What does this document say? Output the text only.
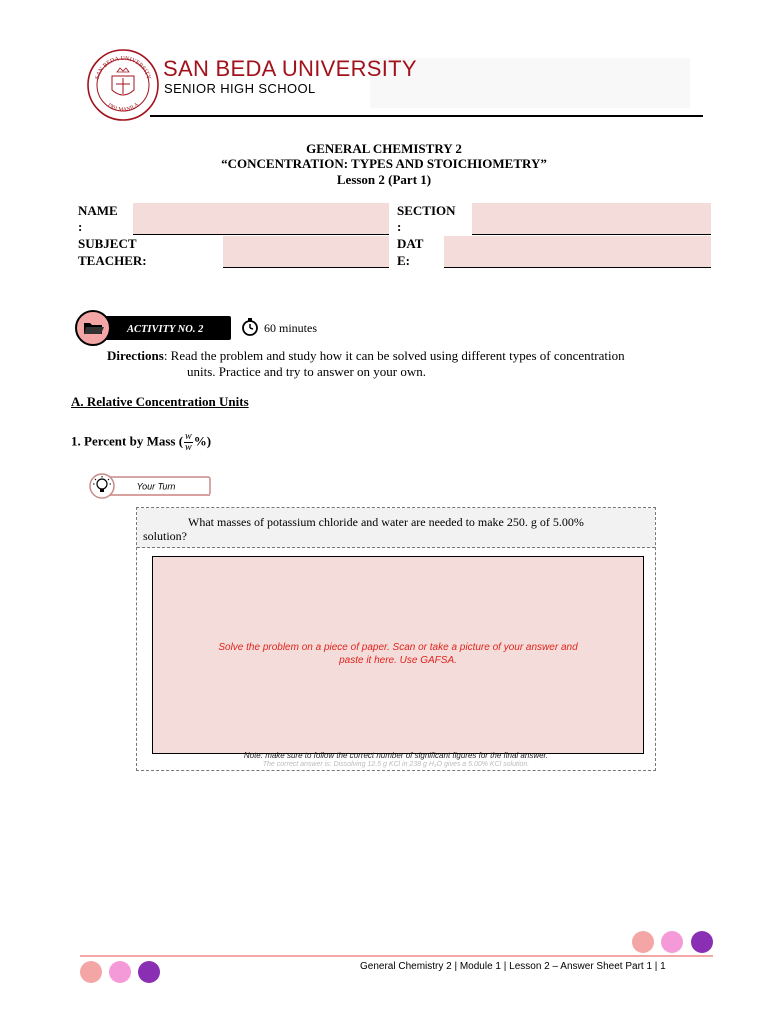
SAN BEDA UNIVERSITY
1901 MANILA
SAN BEDA UNIVERSITY
SENIOR HIGH SCHOOL
GENERAL CHEMISTRY 2
“CONCENTRATION: TYPES AND STOICHIOMETRY”
Lesson 2 (Part 1)
NAME
:
SECTION
:
SUBJECT
TEACHER:
DAT
E:
ACTIVITY NO. 2	60 minutes
Directions: Read the problem and study how it can be solved using different types of concentration
units. Practice and try to answer on your own.
A. Relative Concentration Units
1. Percent by Mass ( $\frac{w}{w}\%$)
Your Turn
What masses of potassium chloride and water are needed to make 250. g of 5.00%
solution?
Solve the problem on a piece of paper. Scan or take a picture of your answer and paste it here. Use GAFSA.
Note: make sure to follow the correct number of significant figures for the final answer.
The correct answer is: Dissolving 12.5 g KCl in 238 g H₂O gives a 5.00% KCl solution.
General Chemistry 2 | Module 1 | Lesson 2 – Answer Sheet Part 1 | 1
